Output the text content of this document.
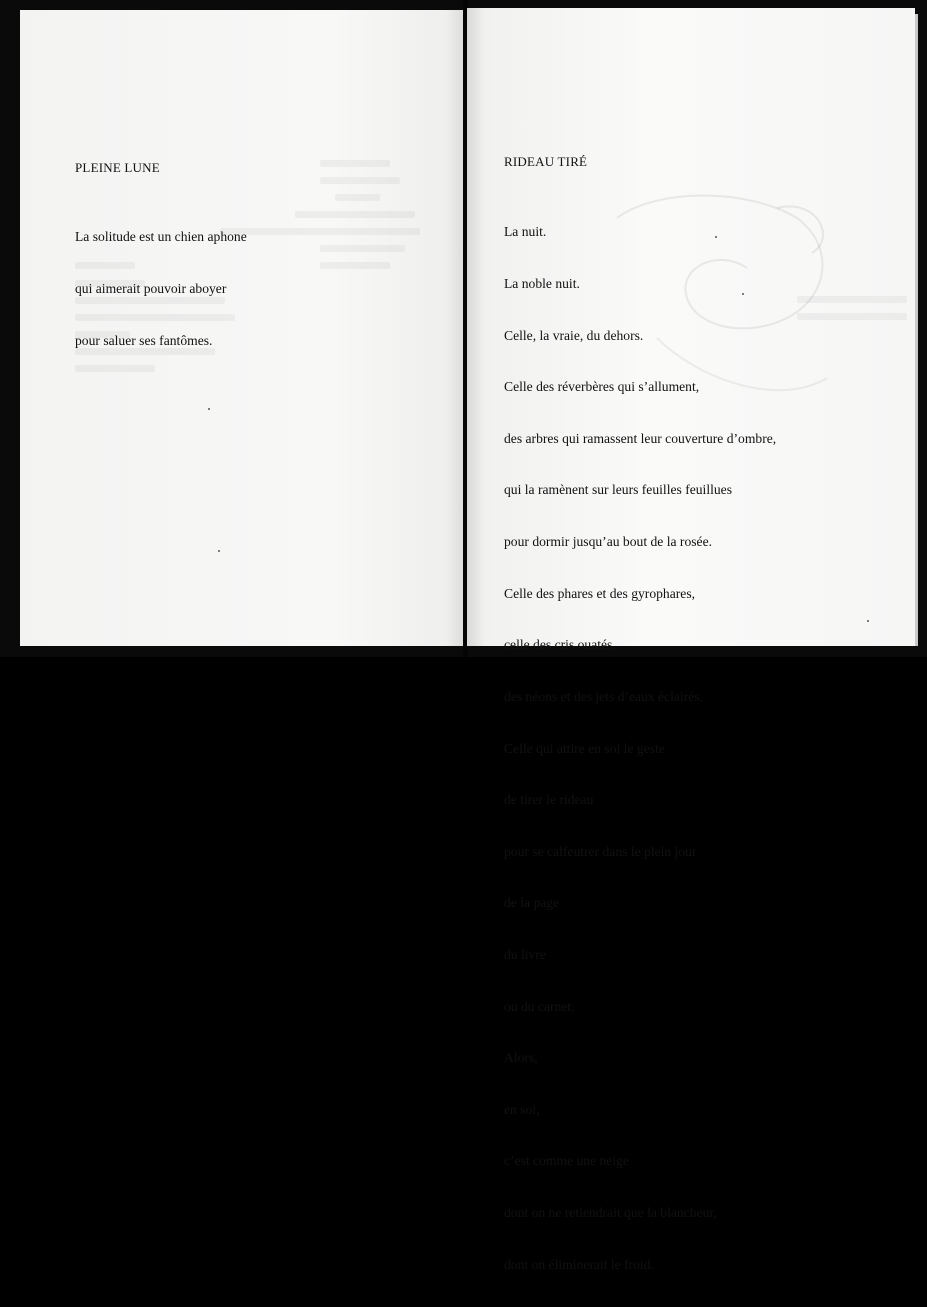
PLEINE LUNE

La solitude est un chien aphone

qui aimerait pouvoir aboyer

pour saluer ses fantômes.

RIDEAU TIRÉ

La nuit.

La noble nuit.

Celle, la vraie, du dehors.

Celle des réverbères qui s’allument,

des arbres qui ramassent leur couverture d’ombre,

qui la ramènent sur leurs feuilles feuillues

pour dormir jusqu’au bout de la rosée.

Celle des phares et des gyrophares,

celle des cris ouatés,

des néons et des jets d’eaux éclairés.

Celle qui attire en soi le geste

de tirer le rideau

pour se calfeutrer dans le plein jour

de la page

du livre

ou du carnet.

Alors,

en soi,

c’est comme une neige

dont on ne retiendrait que la blancheur,

dont on éliminerait le froid.
